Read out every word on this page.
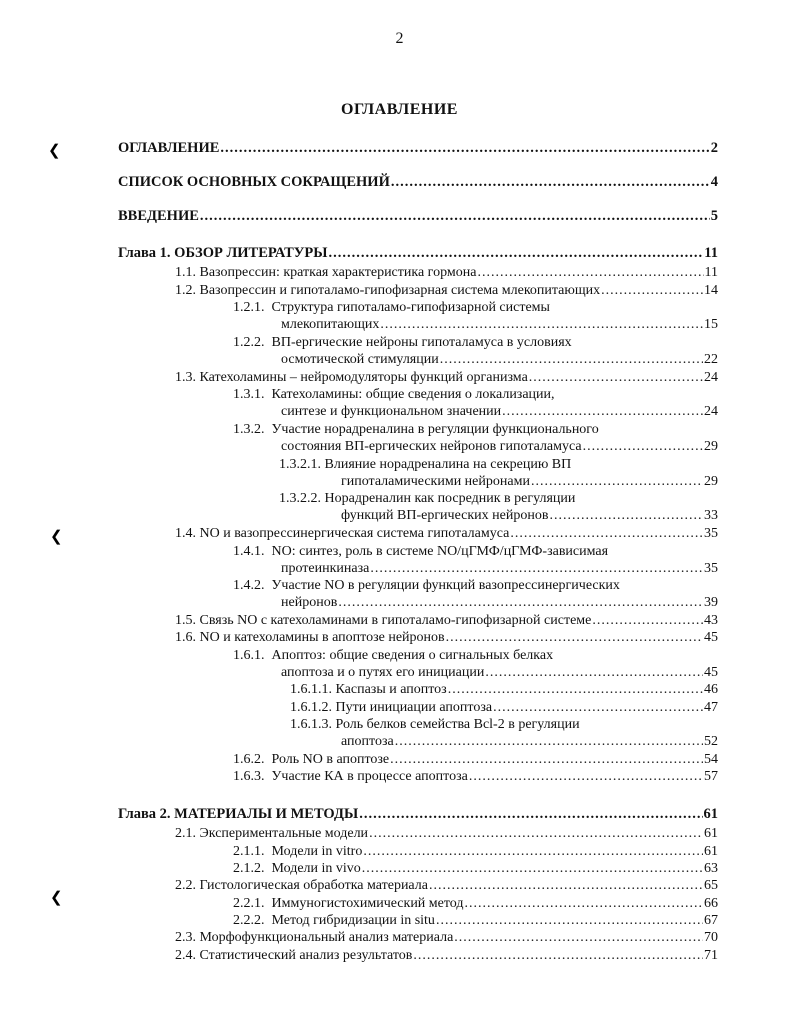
2
ОГЛАВЛЕНИЕ
❮
❮
❮
ОГЛАВЛЕНИЕ .....	2
СПИСОК ОСНОВНЫХ СОКРАЩЕНИЙ .....	4
ВВЕДЕНИЕ .....	5
Глава 1. ОБЗОР ЛИТЕРАТУРЫ .....	11
1.1.
Вазопрессин: краткая характеристика гормона .....	11
1.2.
Вазопрессин и гипоталамо-гипофизарная система млекопитающих .....	14
1.2.1. Структура гипоталамо-гипофизарной системы
млекопитающих .....	15
1.2.2. ВП-ергические нейроны гипоталамуса в условиях
осмотической стимуляции .....	22
1.3.
Катехоламины – нейромодуляторы функций организма .....	24
1.3.1. Катехоламины: общие сведения о локализации,
синтезе и функциональном значении .....	24
1.3.2. Участие норадреналина в регуляции функционального
состояния ВП-ергических нейронов гипоталамуса .....	29
1.3.2.1. Влияние норадреналина на секрецию ВП
гипоталамическими нейронами .....	29
1.3.2.2. Норадреналин как посредник в регуляции
функций ВП-ергических нейронов .....	33
1.4.
NO и вазопрессинергическая система гипоталамуса .....	35
1.4.1. NO: синтез, роль в системе NO/цГМФ/цГМФ-зависимая
протеинкиназа .....	35
1.4.2. Участие NO в регуляции функций вазопрессинергических
нейронов .....	39
1.5.
Связь NO с катехоламинами в гипоталамо-гипофизарной системе .....	43
1.6.
NO и катехоламины в апоптозе нейронов .....	45
1.6.1. Апоптоз: общие сведения о сигнальных белках
апоптоза и о путях его инициации .....	45
1.6.1.1.
Каспазы и апоптоз .....	46
1.6.1.2.
Пути инициации апоптоза .....	47
1.6.1.3. Роль белков семейства Bcl-2 в регуляции
апоптоза .....	52
1.6.2.
Роль NO в апоптозе .....	54
1.6.3.
Участие КА в процессе апоптоза .....	57
Глава 2. МАТЕРИАЛЫ И МЕТОДЫ .....	61
2.1.
Экспериментальные модели .....	61
2.1.1.
Модели in vitro .....	61
2.1.2.
Модели in vivo .....	63
2.2.
Гистологическая обработка материала .....	65
2.2.1.
Иммуногистохимический метод .....	66
2.2.2.
Метод гибридизации in situ .....	67
2.3.
Морфофункциональный анализ материала .....	70
2.4.
Статистический анализ результатов .....	71
